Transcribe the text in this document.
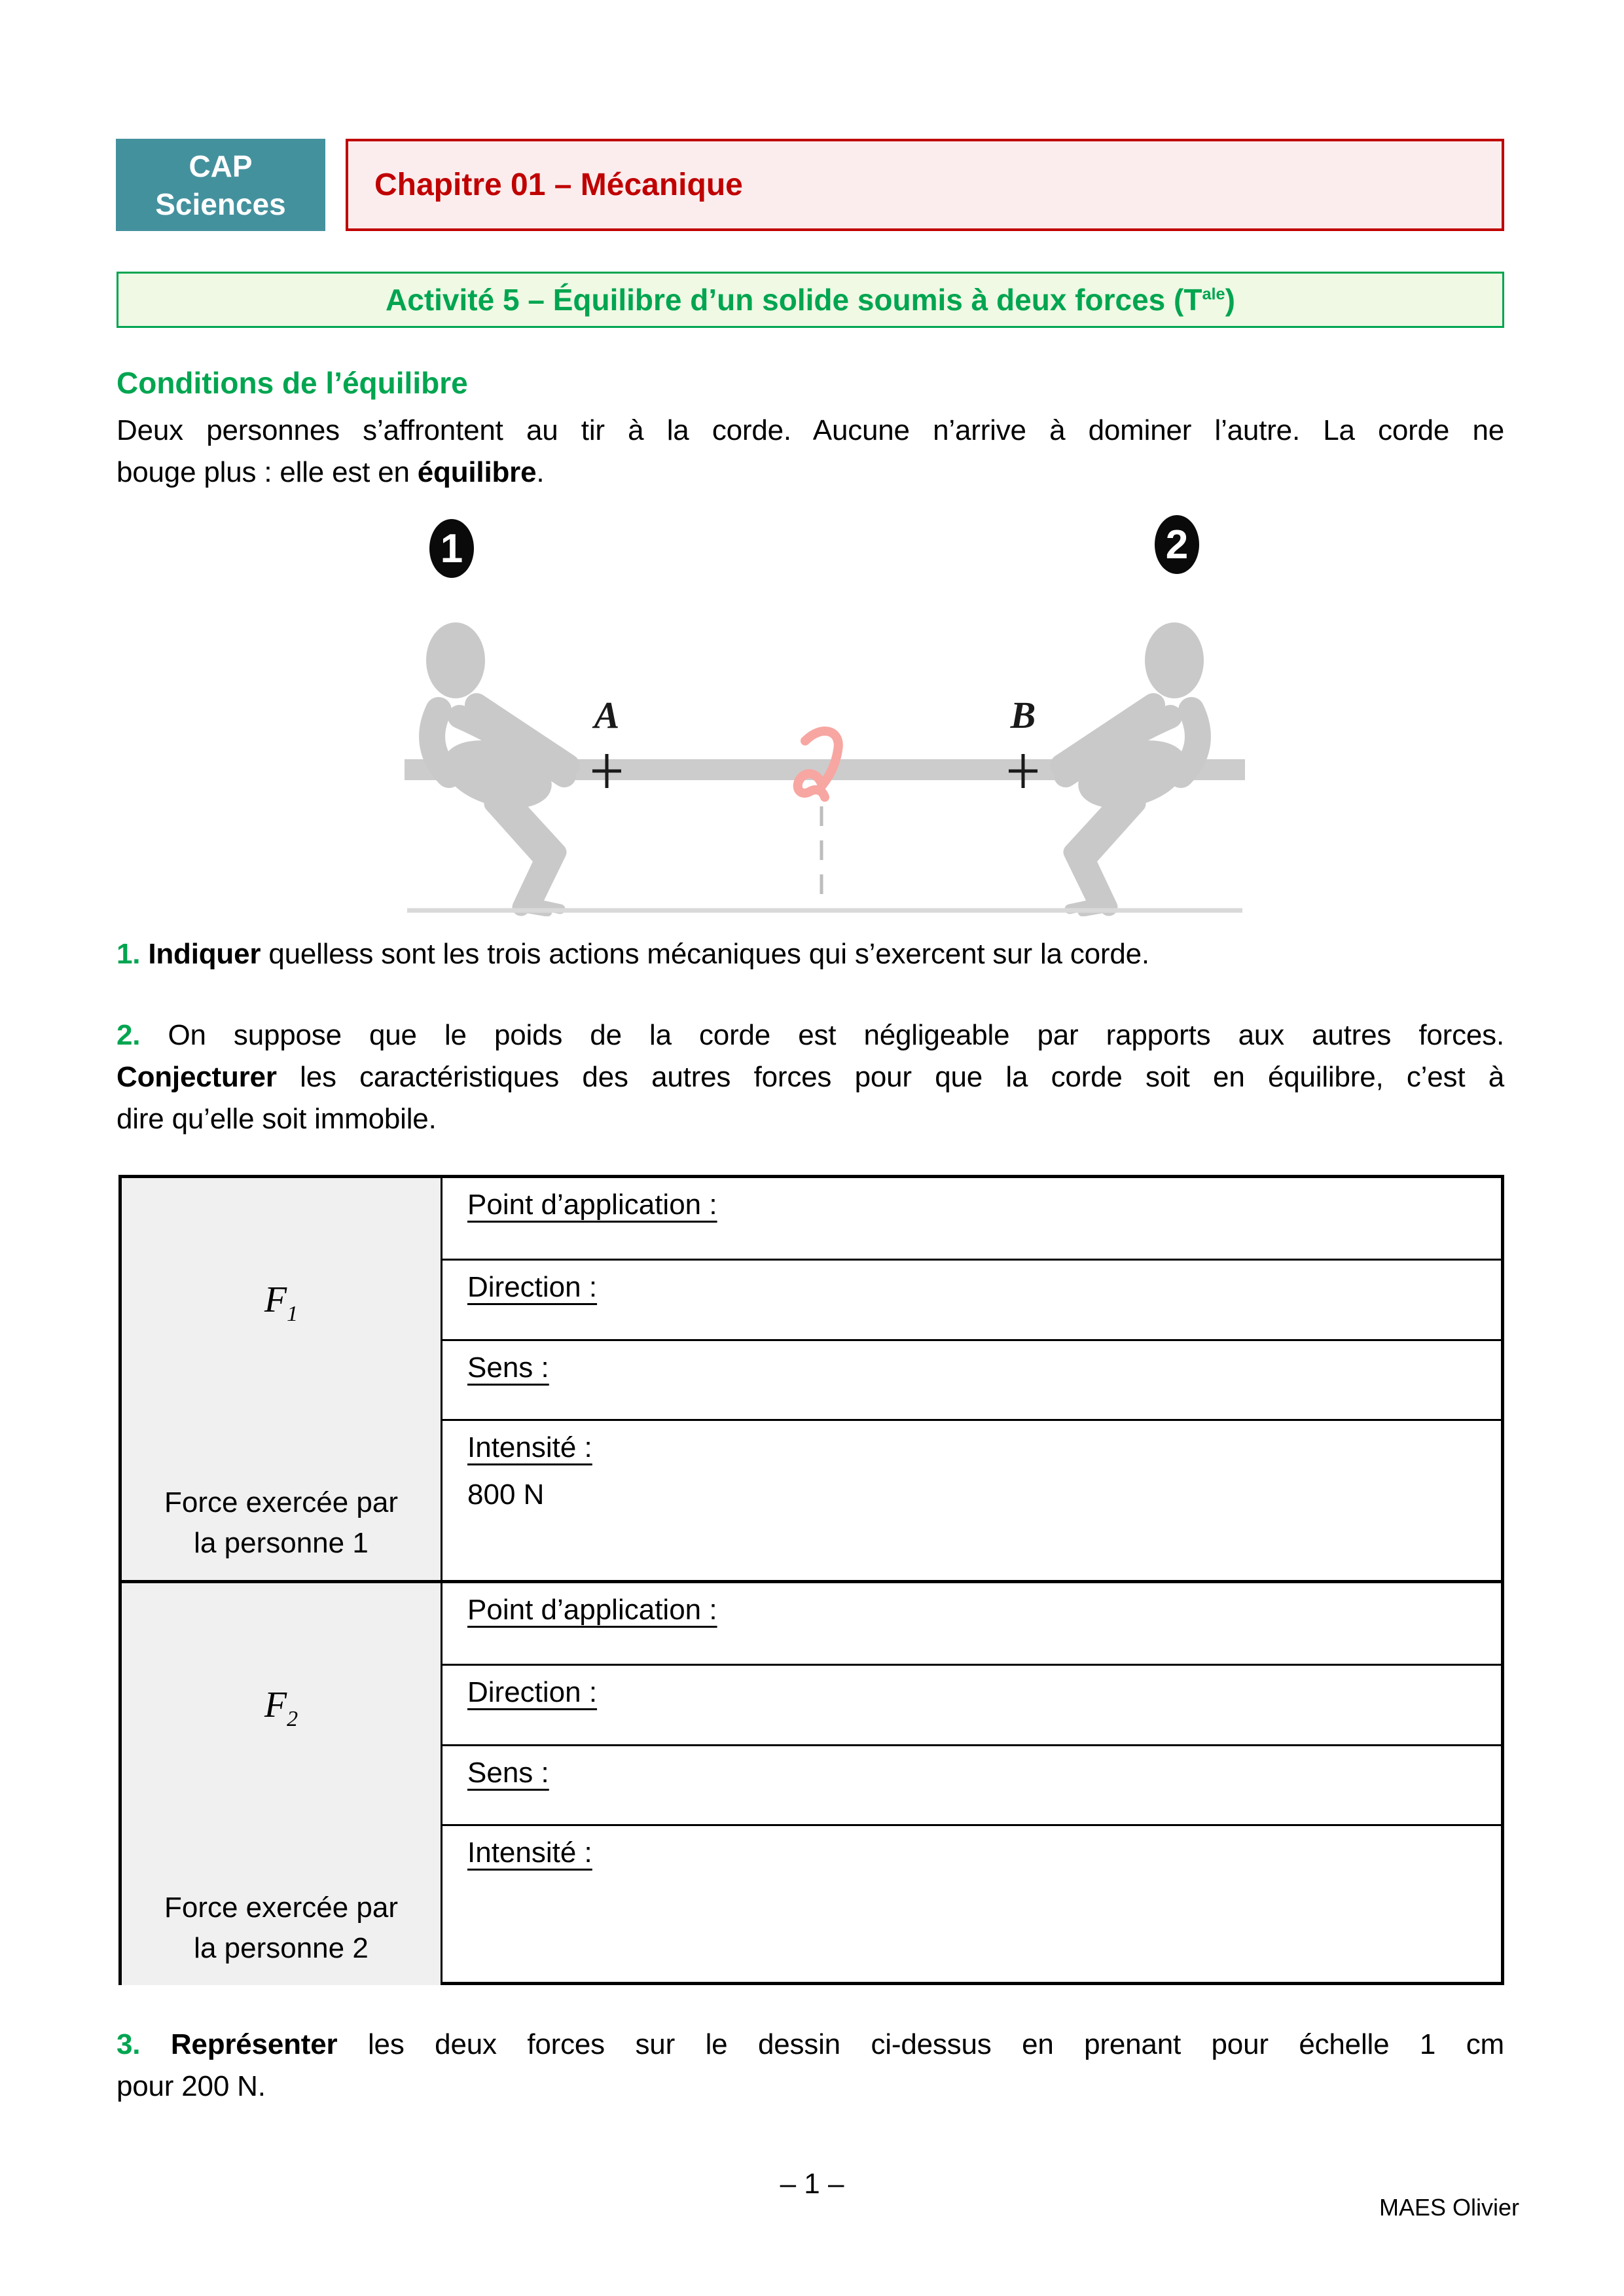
CAP
Sciences
Chapitre 01 – Mécanique
Activité 5 – Équilibre d’un solide soumis à deux forces $(T^{ale})$
Conditions de l’équilibre
Deux personnes s’affrontent au tir à la corde. Aucune n’arrive à dominer l’autre. La corde ne
bouge plus : elle est en équilibre.
1	2
A	B
1. Indiquer quelless sont les trois actions mécaniques qui s’exercent sur la corde.
2. On suppose que le poids de la corde est négligeable par rapports aux autres forces.
Conjecturer les caractéristiques des autres forces pour que la corde soit en équilibre, c’est à
dire qu’elle soit immobile.
$F_1$
Force exercée par
la personne 1
Point d’application :
Direction :
Sens :
Intensité :
800 N
$F_2$
Force exercée par
la personne 2
Point d’application :
Direction :
Sens :
Intensité :
3. Représenter les deux forces sur le dessin ci-dessus en prenant pour échelle 1 cm
pour 200 N.
– 1 –
MAES Olivier
